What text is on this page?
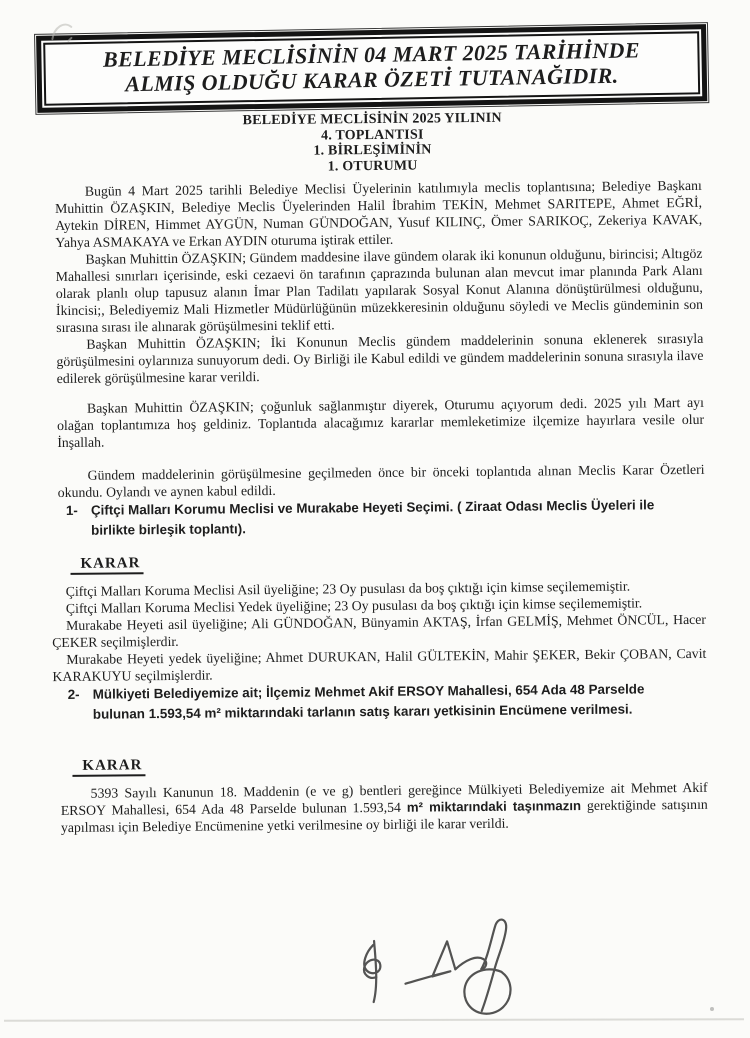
BELEDİYE MECLİSİNİN 04 MART 2025 TARİHİNDE
ALMIŞ OLDUĞU KARAR ÖZETİ TUTANAĞIDIR.
BELEDİYE MECLİSİNİN 2025 YILININ
4. TOPLANTISI
1. BİRLEŞİMİNİN
1. OTURUMU

Bugün 4 Mart 2025 tarihli Belediye Meclisi Üyelerinin katılımıyla meclis toplantısına; Belediye Başkanı Muhittin ÖZAŞKIN, Belediye Meclis Üyelerinden Halil İbrahim TEKİN, Mehmet SARITEPE, Ahmet EĞRİ, Aytekin DİREN, Himmet AYGÜN, Numan GÜNDOĞAN, Yusuf KILINÇ, Ömer SARIKOÇ, Zekeriya KAVAK, Yahya ASMAKAYA ve Erkan AYDIN oturuma iştirak ettiler.

Başkan Muhittin ÖZAŞKIN; Gündem maddesine ilave gündem olarak iki konunun olduğunu, birincisi; Altıgöz Mahallesi sınırları içerisinde, eski cezaevi ön tarafının çaprazında bulunan alan mevcut imar planında Park Alanı olarak planlı olup tapusuz alanın İmar Plan Tadilatı yapılarak Sosyal Konut Alanına dönüştürülmesi olduğunu, İkincisi;, Belediyemiz Mali Hizmetler Müdürlüğünün müzekkeresinin olduğunu söyledi ve Meclis gündeminin son sırasına sırası ile alınarak görüşülmesini teklif etti.

Başkan Muhittin ÖZAŞKIN; İki Konunun Meclis gündem maddelerinin sonuna eklenerek sırasıyla görüşülmesini oylarınıza sunuyorum dedi. Oy Birliği ile Kabul edildi ve gündem maddelerinin sonuna sırasıyla ilave edilerek görüşülmesine karar verildi.

Başkan Muhittin ÖZAŞKIN; çoğunluk sağlanmıştır diyerek, Oturumu açıyorum dedi. 2025 yılı Mart ayı olağan toplantımıza hoş geldiniz. Toplantıda alacağımız kararlar memleketimize ilçemize hayırlara vesile olur İnşallah.

Gündem maddelerinin görüşülmesine geçilmeden önce bir önceki toplantıda alınan Meclis Karar Özetleri okundu. Oylandı ve aynen kabul edildi.

1- Çiftçi Malları Korumu Meclisi ve Murakabe Heyeti Seçimi. ( Ziraat Odası Meclis Üyeleri ile birlikte birleşik toplantı).
KARAR

Çiftçi Malları Koruma Meclisi Asil üyeliğine; 23 Oy pusulası da boş çıktığı için kimse seçilememiştir.

Çiftçi Malları Koruma Meclisi Yedek üyeliğine; 23 Oy pusulası da boş çıktığı için kimse seçilememiştir.

Murakabe Heyeti asil üyeliğine; Ali GÜNDOĞAN, Bünyamin AKTAŞ, İrfan GELMİŞ, Mehmet ÖNCÜL, Hacer ÇEKER seçilmişlerdir.

Murakabe Heyeti yedek üyeliğine; Ahmet DURUKAN, Halil GÜLTEKİN, Mahir ŞEKER, Bekir ÇOBAN, Cavit KARAKUYU seçilmişlerdir.

2- Mülkiyeti Belediyemize ait; İlçemiz Mehmet Akif ERSOY Mahallesi, 654 Ada 48 Parselde bulunan 1.593,54 m² miktarındaki tarlanın satış kararı yetkisinin Encümene verilmesi.
KARAR

5393 Sayılı Kanunun 18. Maddenin (e ve g) bentleri gereğince Mülkiyeti Belediyemize ait Mehmet Akif ERSOY Mahallesi, 654 Ada 48 Parselde bulunan 1.593,54 m² miktarındaki taşınmazın gerektiğinde satışının yapılması için Belediye Encümenine yetki verilmesine oy birliği ile karar verildi.
